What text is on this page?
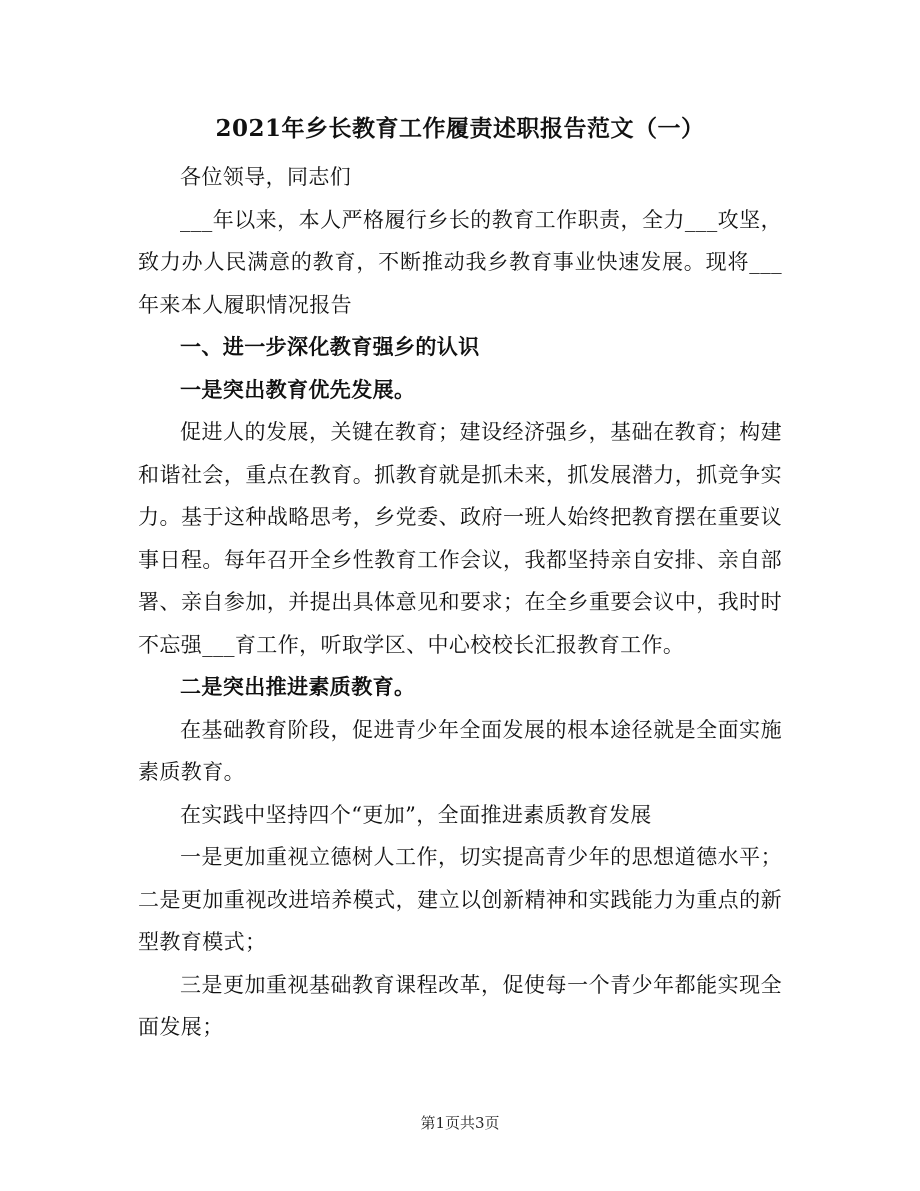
2021年乡长教育工作履责述职报告范文（一）

各位领导，同志们

___年以来，本人严格履行乡长的教育工作职责，全力___攻坚，致力办人民满意的教育，不断推动我乡教育事业快速发展。现将___年来本人履职情况报告

一、进一步深化教育强乡的认识

一是突出教育优先发展。

促进人的发展，关键在教育；建设经济强乡，基础在教育；构建和谐社会，重点在教育。抓教育就是抓未来，抓发展潜力，抓竞争实力。基于这种战略思考，乡党委、政府一班人始终把教育摆在重要议事日程。每年召开全乡性教育工作会议，我都坚持亲自安排、亲自部署、亲自参加，并提出具体意见和要求；在全乡重要会议中，我时时不忘强___育工作，听取学区、中心校校长汇报教育工作。

二是突出推进素质教育。

在基础教育阶段，促进青少年全面发展的根本途径就是全面实施素质教育。

在实践中坚持四个“更加”，全面推进素质教育发展

一是更加重视立德树人工作，切实提高青少年的思想道德水平；二是更加重视改进培养模式，建立以创新精神和实践能力为重点的新型教育模式；

三是更加重视基础教育课程改革，促使每一个青少年都能实现全面发展；

第1页共3页
